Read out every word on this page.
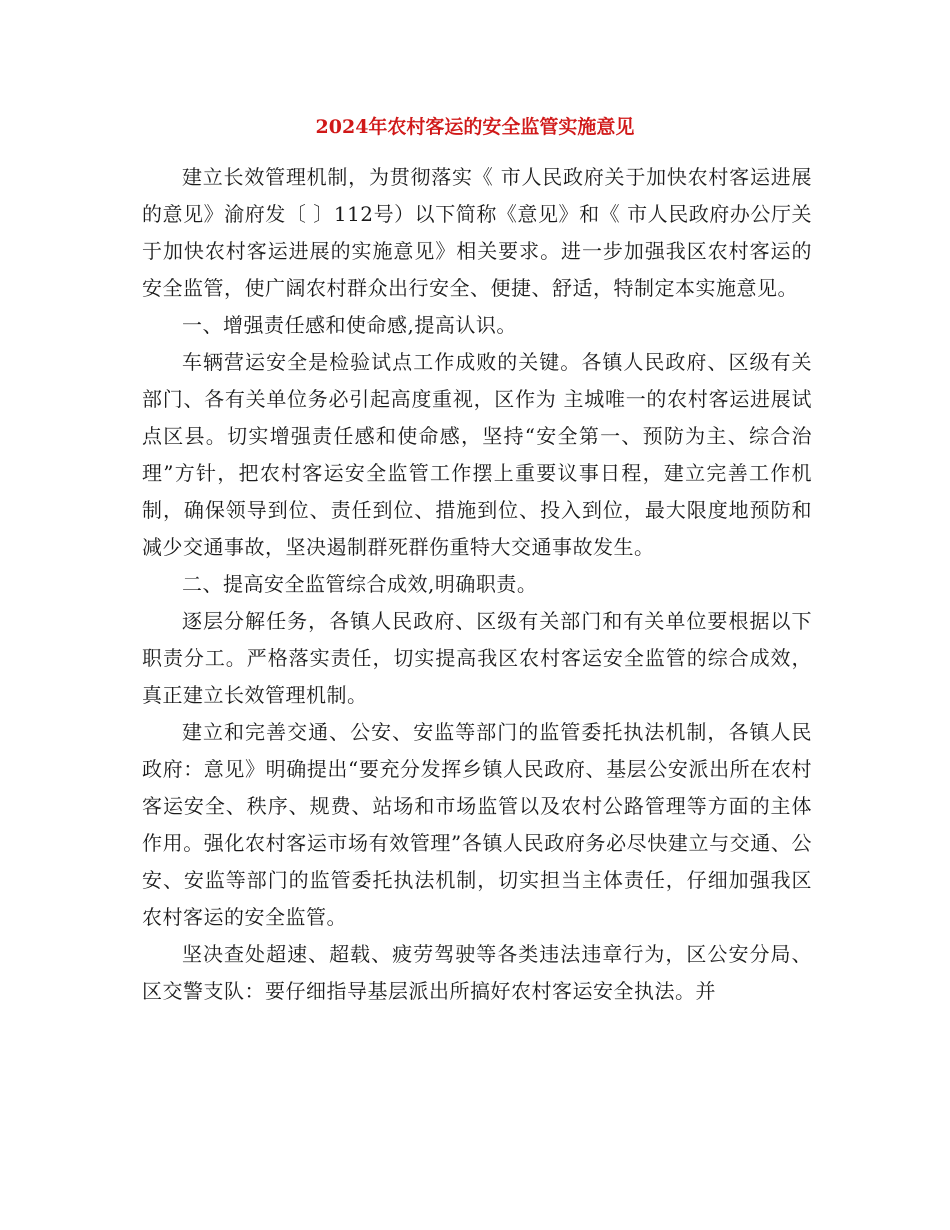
2024年农村客运的安全监管实施意见

建立长效管理机制，为贯彻落实《 市人民政府关于加快农村客运进展的意见》渝府发〔 〕112号）以下简称《意见》和《 市人民政府办公厅关于加快农村客运进展的实施意见》相关要求。进一步加强我区农村客运的安全监管，使广阔农村群众出行安全、便捷、舒适，特制定本实施意见。

一、增强责任感和使命感,提高认识。

车辆营运安全是检验试点工作成败的关键。各镇人民政府、区级有关部门、各有关单位务必引起高度重视，区作为 主城唯一的农村客运进展试点区县。切实增强责任感和使命感，坚持“安全第一、预防为主、综合治理”方针，把农村客运安全监管工作摆上重要议事日程，建立完善工作机制，确保领导到位、责任到位、措施到位、投入到位，最大限度地预防和减少交通事故，坚决遏制群死群伤重特大交通事故发生。

二、提高安全监管综合成效,明确职责。

逐层分解任务，各镇人民政府、区级有关部门和有关单位要根据以下职责分工。严格落实责任，切实提高我区农村客运安全监管的综合成效，真正建立长效管理机制。

建立和完善交通、公安、安监等部门的监管委托执法机制，各镇人民政府：意见》明确提出“要充分发挥乡镇人民政府、基层公安派出所在农村客运安全、秩序、规费、站场和市场监管以及农村公路管理等方面的主体作用。强化农村客运市场有效管理”各镇人民政府务必尽快建立与交通、公安、安监等部门的监管委托执法机制，切实担当主体责任，仔细加强我区农村客运的安全监管。

坚决查处超速、超载、疲劳驾驶等各类违法违章行为，区公安分局、区交警支队：要仔细指导基层派出所搞好农村客运安全执法。并
